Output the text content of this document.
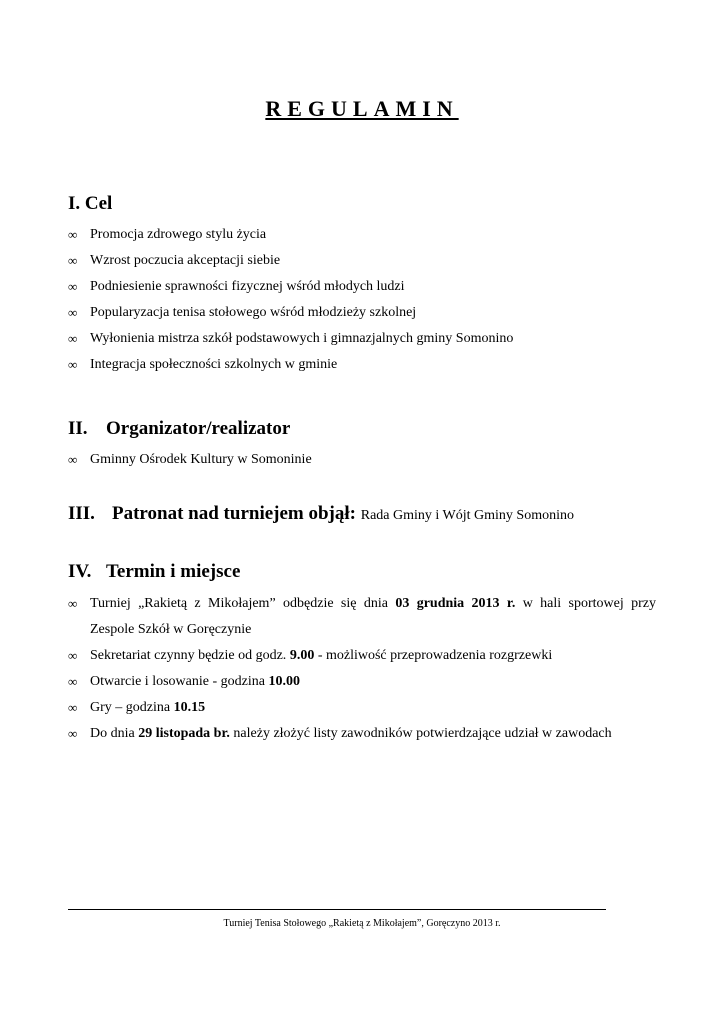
REGULAMIN
I. Cel
∞ Promocja zdrowego stylu życia
∞ Wzrost poczucia akceptacji siebie
∞ Podniesienie sprawności fizycznej wśród młodych ludzi
∞ Popularyzacja tenisa stołowego wśród młodzieży szkolnej
∞ Wyłonienia mistrza szkół podstawowych i gimnazjalnych gminy Somonino
∞ Integracja społeczności szkolnych w gminie
II. Organizator/realizator
∞ Gminny Ośrodek Kultury w Somoninie
III. Patronat nad turniejem objął: Rada Gminy i Wójt Gminy Somonino
IV. Termin i miejsce
∞ Turniej „Rakietą z Mikołajem” odbędzie się dnia 03 grudnia 2013 r. w hali sportowej przy
Zespole Szkół w Goręczynie
∞ Sekretariat czynny będzie od godz. 9.00 - możliwość przeprowadzenia rozgrzewki
∞ Otwarcie i losowanie - godzina 10.00
∞ Gry – godzina 10.15
∞ Do dnia 29 listopada br. należy złożyć listy zawodników potwierdzające udział w zawodach
Turniej Tenisa Stołowego „Rakietą z Mikołajem”, Goręczyno 2013 r.
